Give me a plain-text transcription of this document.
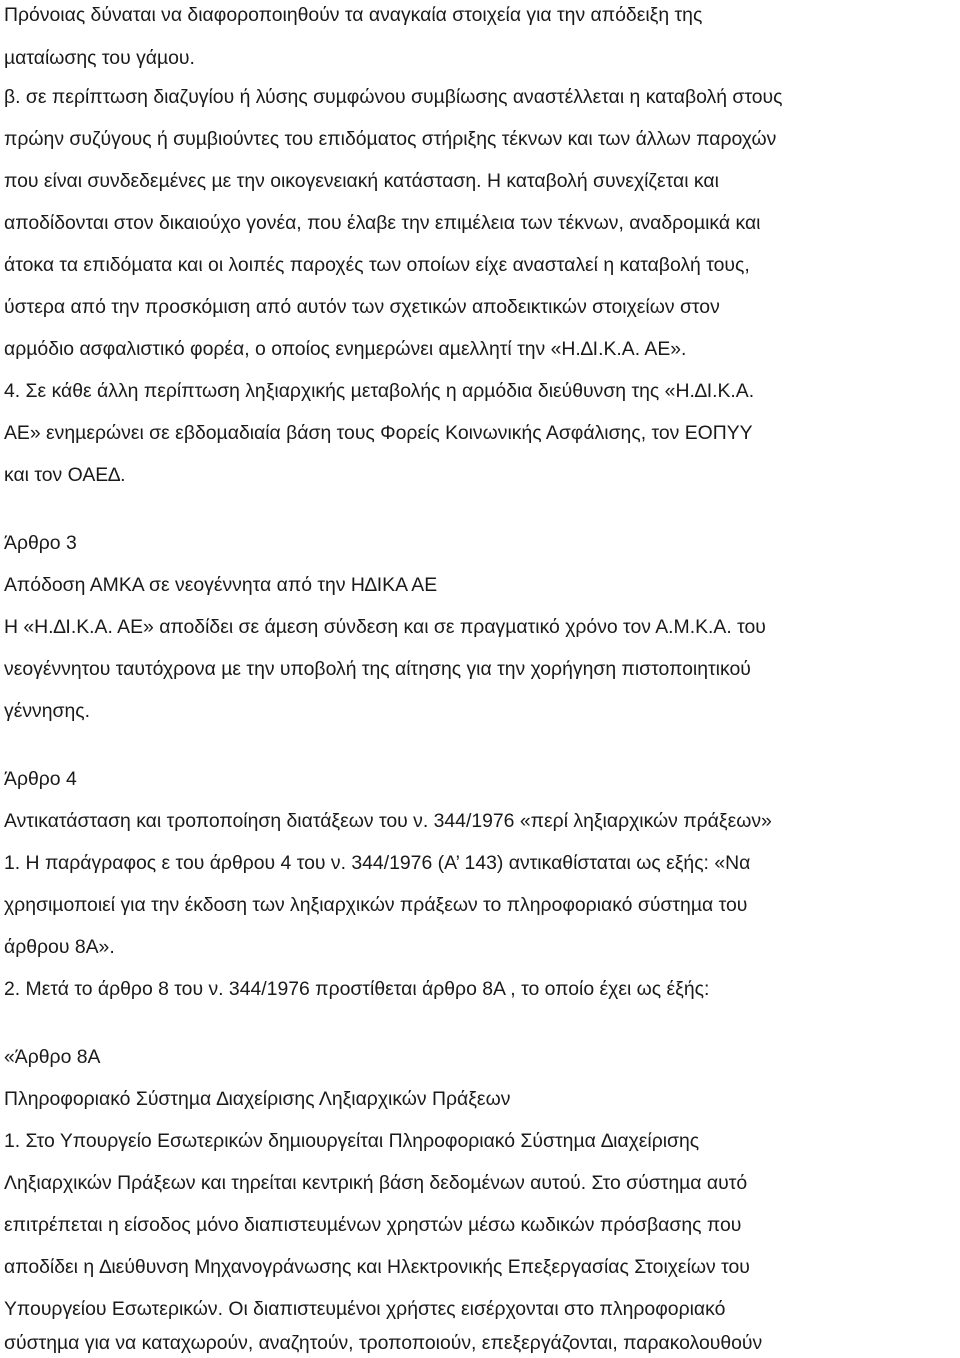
Πρόνοιας δύναται να διαφοροποιηθούν τα αναγκαία στοιχεία για την απόδειξη της
µαταίωσης του γάµου.
β. σε περίπτωση διαζυγίου ή λύσης συµφώνου συµβίωσης αναστέλλεται η καταβολή στους
πρώην συζύγους ή συµβιούντες του επιδόµατος στήριξης τέκνων και των άλλων παροχών
που είναι συνδεδεµένες µε την οικογενειακή κατάσταση. Η καταβολή συνεχίζεται και
αποδίδονται στον δικαιούχο γονέα, που έλαβε την επιµέλεια των τέκνων, αναδροµικά και
άτοκα τα επιδόµατα και οι λοιπές παροχές των οποίων είχε ανασταλεί η καταβολή τους,
ύστερα από την προσκόµιση από αυτόν των σχετικών αποδεικτικών στοιχείων στον
αρµόδιο ασφαλιστικό φορέα, ο οποίος ενηµερώνει αµελλητί την «Η.∆Ι.Κ.Α. ΑΕ».
4. Σε κάθε άλλη περίπτωση ληξιαρχικής µεταβολής η αρµόδια διεύθυνση της «Η.∆Ι.Κ.Α.
ΑΕ» ενηµερώνει σε εβδοµαδιαία βάση τους Φορείς Κοινωνικής Ασφάλισης, τον ΕΟΠΥΥ
και τον ΟΑΕ∆.
Άρθρο 3
Απόδοση ΑΜΚΑ σε νεογέννητα από την Η∆ΙΚΑ ΑΕ
Η «Η.∆Ι.Κ.Α. ΑΕ» αποδίδει σε άµεση σύνδεση και σε πραγµατικό χρόνο τον Α.Μ.Κ.Α. του
νεογέννητου ταυτόχρονα µε την υποβολή της αίτησης για την χορήγηση πιστοποιητικού
γέννησης.
Άρθρο 4
Αντικατάσταση και τροποποίηση διατάξεων του ν. 344/1976 «περί ληξιαρχικών πράξεων»
1. Η παράγραφος ε του άρθρου 4 του ν. 344/1976 (Α’ 143) αντικαθίσταται ως εξής: «Να
χρησιµοποιεί για την έκδοση των ληξιαρχικών πράξεων το πληροφοριακό σύστηµα του
άρθρου 8Α».
2. Μετά το άρθρο 8 του ν. 344/1976 προστίθεται άρθρο 8Α , το οποίο έχει ως έξής:
«Άρθρο 8Α
Πληροφοριακό Σύστηµα ∆ιαχείρισης Ληξιαρχικών Πράξεων
1. Στο Υπουργείο Εσωτερικών δηµιουργείται Πληροφοριακό Σύστηµα ∆ιαχείρισης
Ληξιαρχικών Πράξεων και τηρείται κεντρική βάση δεδοµένων αυτού. Στο σύστηµα αυτό
επιτρέπεται η είσοδος µόνο διαπιστευµένων χρηστών µέσω κωδικών πρόσβασης που
αποδίδει η ∆ιεύθυνση Μηχανογράνωσης και Ηλεκτρονικής Επεξεργασίας Στοιχείων του
Υπουργείου Εσωτερικών. Οι διαπιστευµένοι χρήστες εισέρχονται στο πληροφοριακό
σύστηµα για να καταχωρούν, αναζητούν, τροποποιούν, επεξεργάζονται, παρακολουθούν
